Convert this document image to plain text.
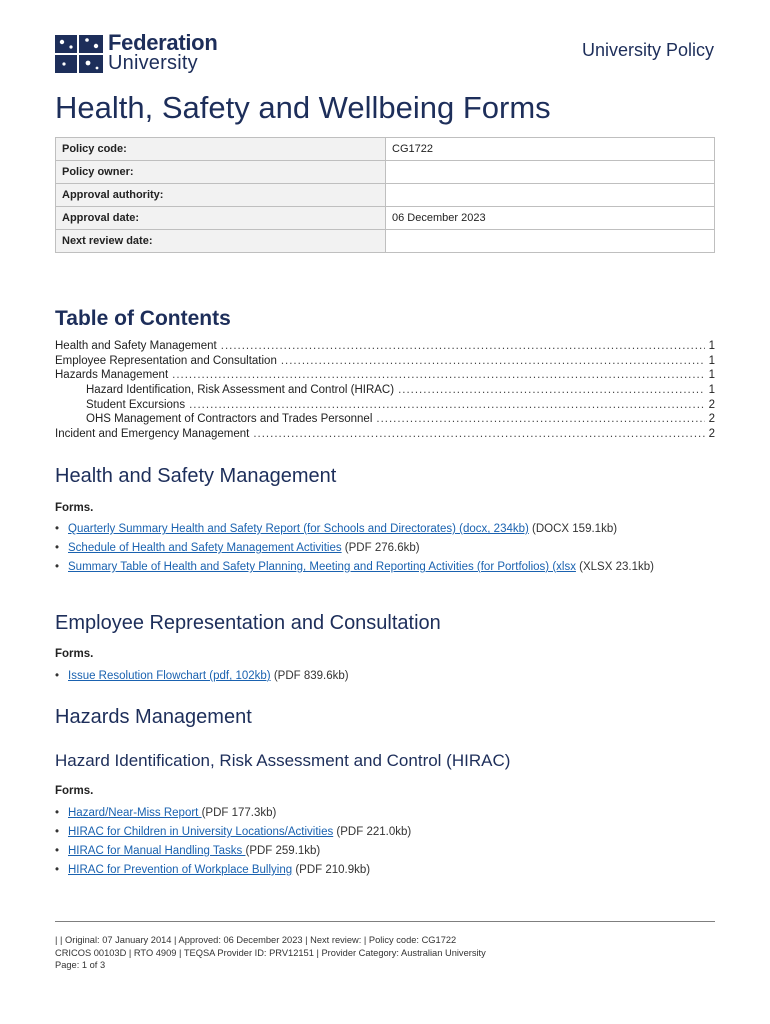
Federation
University
University Policy
Health, Safety and Wellbeing Forms
Policy code:	CG1722
Policy owner:	
Approval authority:	
Approval date:	06 December 2023
Next review date:	
Table of Contents
Health and Safety Management .....	1
Employee Representation and Consultation .....	1
Hazards Management .....	1
Hazard Identification, Risk Assessment and Control (HIRAC) .....	1
Student Excursions .....	2
OHS Management of Contractors and Trades Personnel .....	2
Incident and Emergency Management .....	2
Health and Safety Management
Forms.
• Quarterly Summary Health and Safety Report (for Schools and Directorates) (docx, 234kb) (DOCX 159.1kb)
• Schedule of Health and Safety Management Activities (PDF 276.6kb)
• Summary Table of Health and Safety Planning, Meeting and Reporting Activities (for Portfolios) (xlsx (XLSX 23.1kb)
Employee Representation and Consultation
Forms.
• Issue Resolution Flowchart (pdf, 102kb) (PDF 839.6kb)
Hazards Management
Hazard Identification, Risk Assessment and Control (HIRAC)
Forms.
• Hazard/Near-Miss Report (PDF 177.3kb)
• HIRAC for Children in University Locations/Activities (PDF 221.0kb)
• HIRAC for Manual Handling Tasks (PDF 259.1kb)
• HIRAC for Prevention of Workplace Bullying (PDF 210.9kb)
| | Original: 07 January 2014 | Approved: 06 December 2023 | Next review: | Policy code: CG1722
CRICOS 00103D | RTO 4909 | TEQSA Provider ID: PRV12151 | Provider Category: Australian University
Page: 1 of 3
